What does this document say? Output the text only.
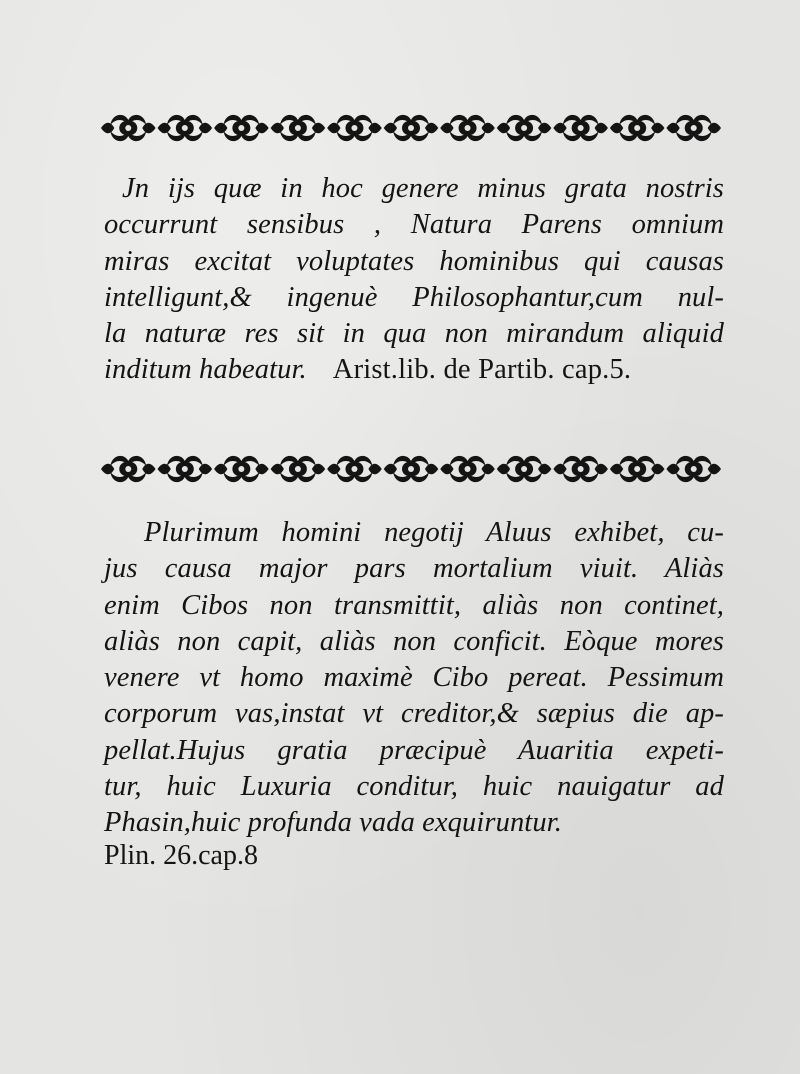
Jn ijs quæ in hoc genere minus grata nostris
occurrunt sensibus , Natura Parens omnium
miras excitat voluptates hominibus qui causas
intelligunt,& ingenuè Philosophantur,cum nul-
la naturæ res sit in qua non mirandum aliquid
inditum habeatur. Arist.lib. de Partib. cap.5.
Plurimum homini negotij Aluus exhibet, cu-
jus causa major pars mortalium viuit. Aliàs
enim Cibos non transmittit, aliàs non continet,
aliàs non capit, aliàs non conficit. Eòque mores
venere vt homo maximè Cibo pereat. Pessimum
corporum vas,instat vt creditor,& sæpius die ap-
pellat.Hujus gratia præcipuè Auaritia expeti-
tur, huic Luxuria conditur, huic nauigatur ad
Phasin,huic profunda vada exquiruntur.
Plin. 26.cap.8
